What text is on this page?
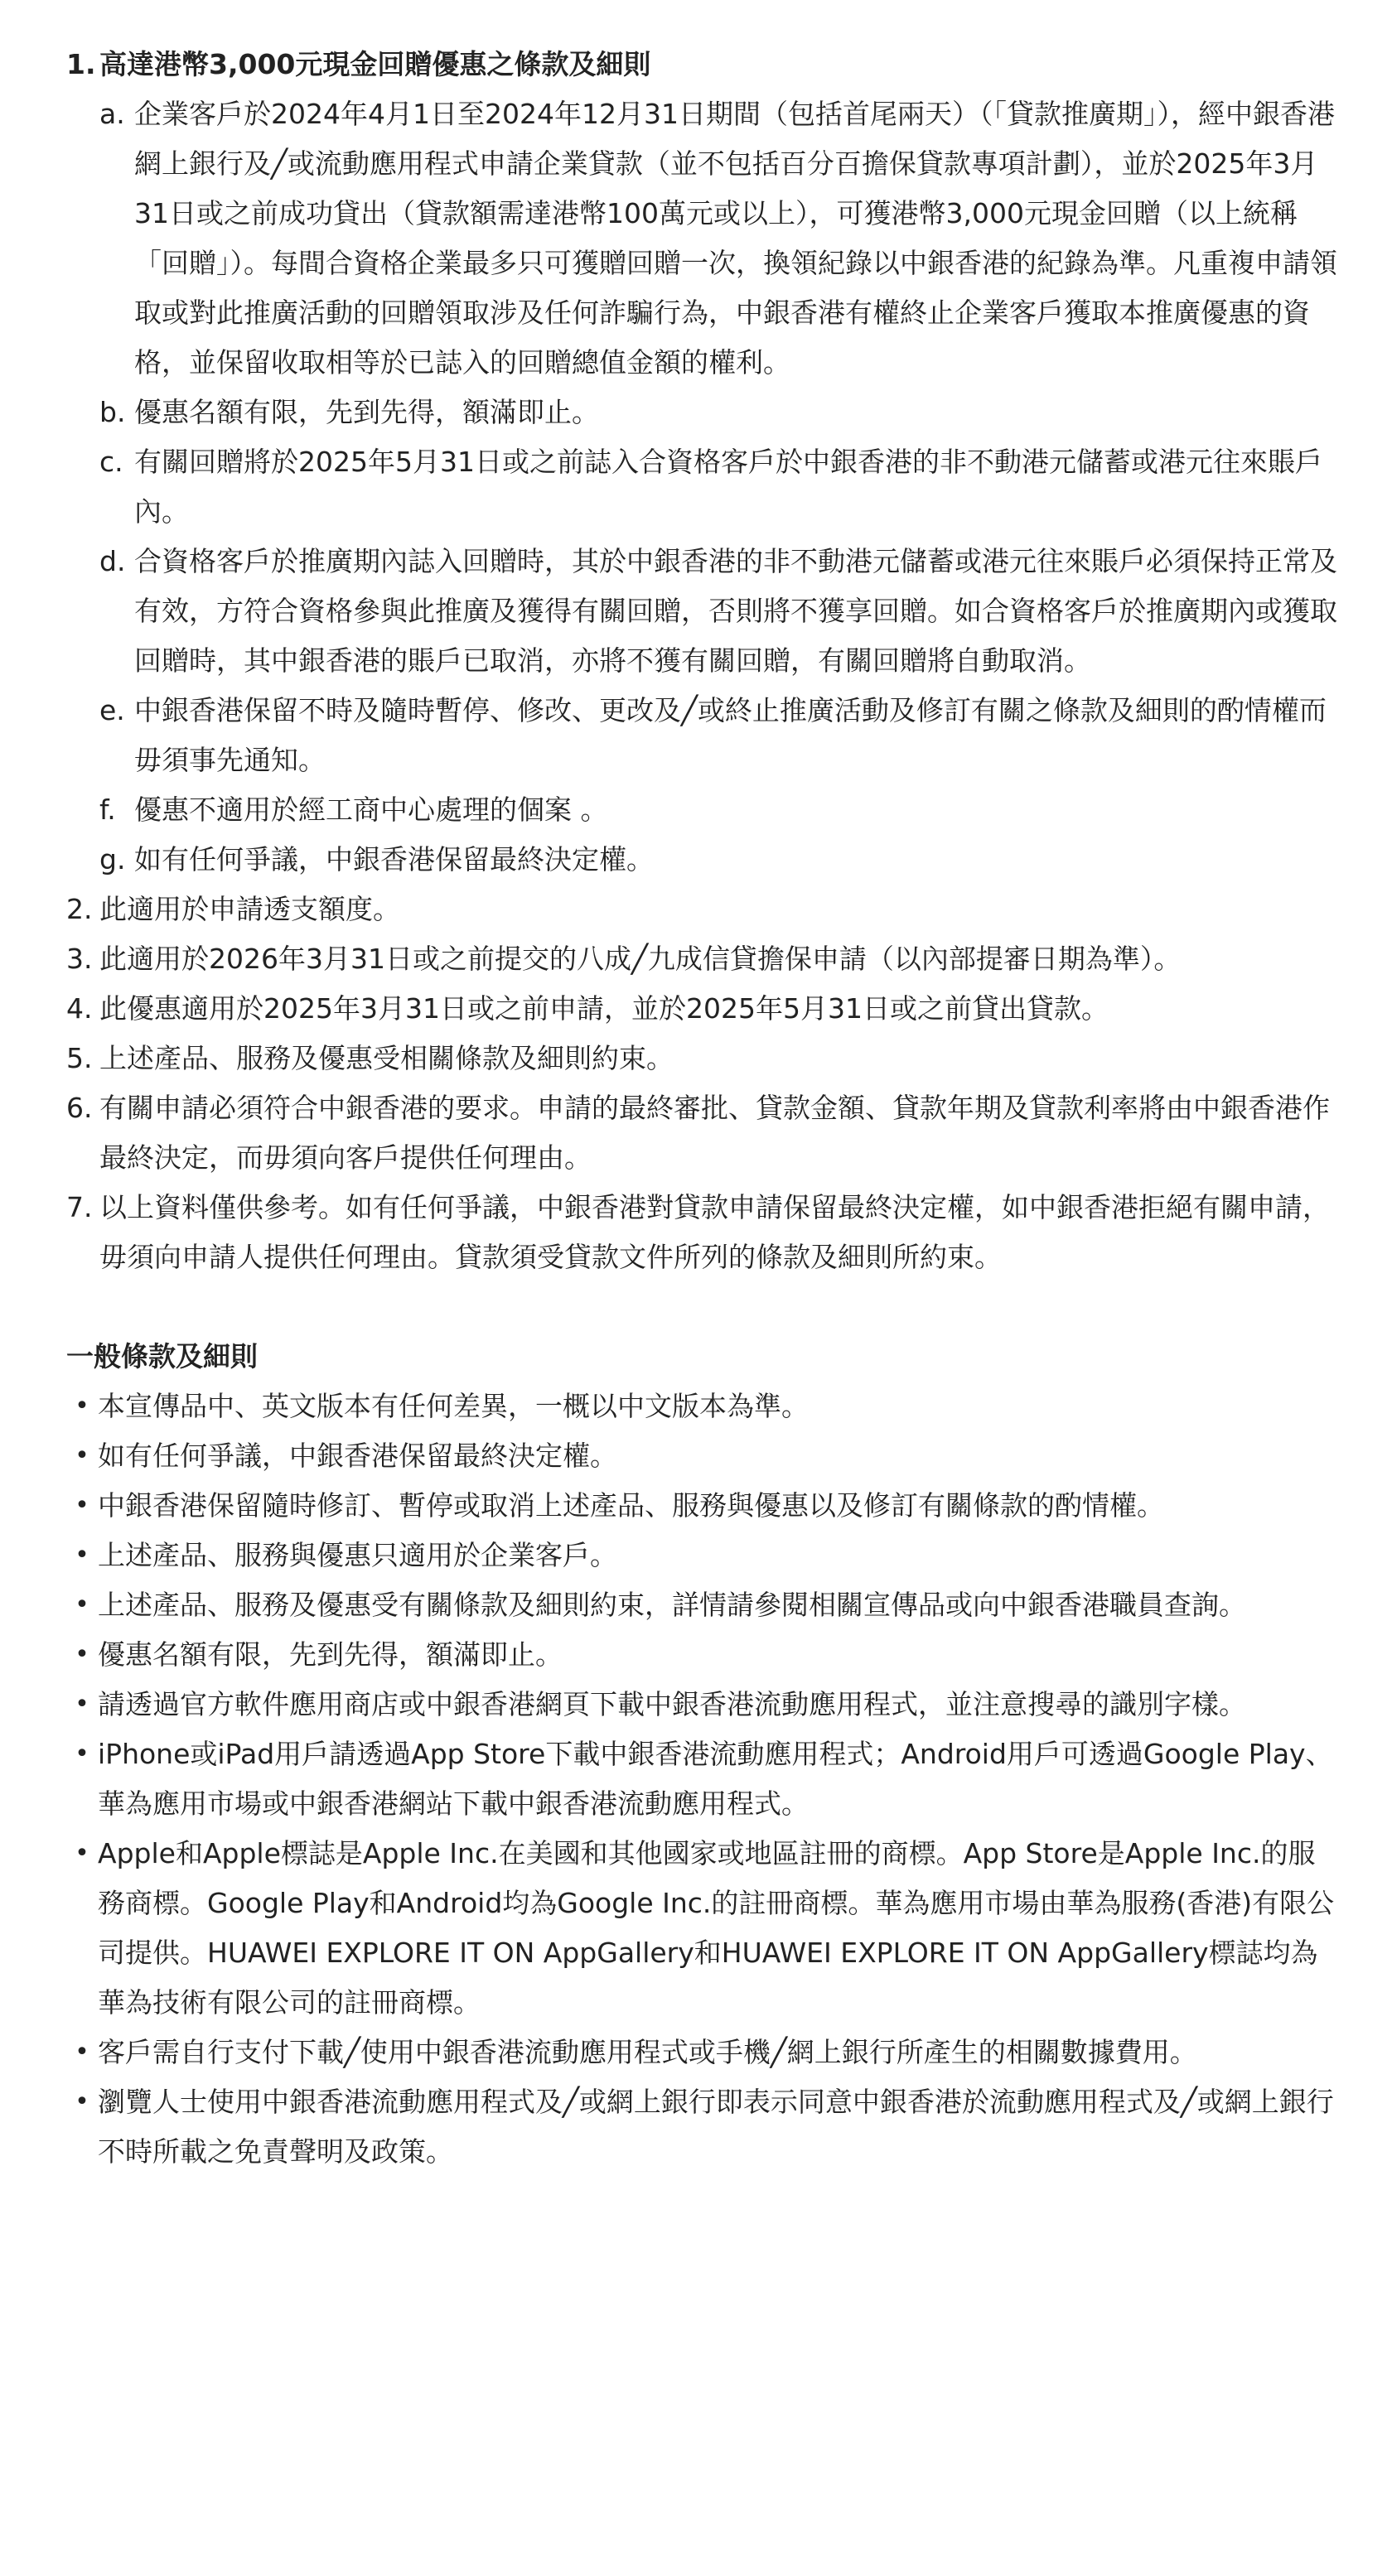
1. 高達港幣3,000元現金回贈優惠之條款及細則
a. 企業客戶於2024年4月1日至2024年12月31日期間（包括首尾兩天）（「貸款推廣期」），經中銀香港網上銀行及╱或流動應用程式申請企業貸款（並不包括百分百擔保貸款專項計劃），並於2025年3月31日或之前成功貸出（貸款額需達港幣100萬元或以上），可獲港幣3,000元現金回贈（以上統稱「回贈」）。每間合資格企業最多只可獲贈回贈一次，換領紀錄以中銀香港的紀錄為準。凡重複申請領取或對此推廣活動的回贈領取涉及任何詐騙行為，中銀香港有權終止企業客戶獲取本推廣優惠的資格，並保留收取相等於已誌入的回贈總值金額的權利。
b. 優惠名額有限，先到先得，額滿即止。
c. 有關回贈將於2025年5月31日或之前誌入合資格客戶於中銀香港的非不動港元儲蓄或港元往來賬戶內。
d. 合資格客戶於推廣期內誌入回贈時，其於中銀香港的非不動港元儲蓄或港元往來賬戶必須保持正常及有效，方符合資格參與此推廣及獲得有關回贈，否則將不獲享回贈。如合資格客戶於推廣期內或獲取回贈時，其中銀香港的賬戶已取消，亦將不獲有關回贈，有關回贈將自動取消。
e. 中銀香港保留不時及隨時暫停、修改、更改及╱或終止推廣活動及修訂有關之條款及細則的酌情權而毋須事先通知。
f. 優惠不適用於經工商中心處理的個案 。
g. 如有任何爭議，中銀香港保留最終決定權。
2. 此適用於申請透支額度。
3. 此適用於2026年3月31日或之前提交的八成╱九成信貸擔保申請（以內部提審日期為準）。
4. 此優惠適用於2025年3月31日或之前申請，並於2025年5月31日或之前貸出貸款。
5. 上述產品、服務及優惠受相關條款及細則約束。
6. 有關申請必須符合中銀香港的要求。申請的最終審批、貸款金額、貸款年期及貸款利率將由中銀香港作最終決定，而毋須向客戶提供任何理由。
7. 以上資料僅供參考。如有任何爭議，中銀香港對貸款申請保留最終決定權，如中銀香港拒絕有關申請，毋須向申請人提供任何理由。貸款須受貸款文件所列的條款及細則所約束。
一般條款及細則
• 本宣傳品中、英文版本有任何差異，一概以中文版本為準。
• 如有任何爭議，中銀香港保留最終決定權。
• 中銀香港保留隨時修訂、暫停或取消上述產品、服務與優惠以及修訂有關條款的酌情權。
• 上述產品、服務與優惠只適用於企業客戶。
• 上述產品、服務及優惠受有關條款及細則約束，詳情請參閱相關宣傳品或向中銀香港職員查詢。
• 優惠名額有限，先到先得，額滿即止。
• 請透過官方軟件應用商店或中銀香港網頁下載中銀香港流動應用程式，並注意搜尋的識別字樣。
• iPhone或iPad用戶請透過App Store下載中銀香港流動應用程式；Android用戶可透過Google Play、華為應用市場或中銀香港網站下載中銀香港流動應用程式。
• Apple和Apple標誌是Apple Inc.在美國和其他國家或地區註冊的商標。App Store是Apple Inc.的服務商標。Google Play和Android均為Google Inc.的註冊商標。華為應用市場由華為服務(香港)有限公司提供。HUAWEI EXPLORE IT ON AppGallery和HUAWEI EXPLORE IT ON AppGallery標誌均為華為技術有限公司的註冊商標。
• 客戶需自行支付下載╱使用中銀香港流動應用程式或手機╱網上銀行所產生的相關數據費用。
• 瀏覽人士使用中銀香港流動應用程式及╱或網上銀行即表示同意中銀香港於流動應用程式及╱或網上銀行不時所載之免責聲明及政策。
